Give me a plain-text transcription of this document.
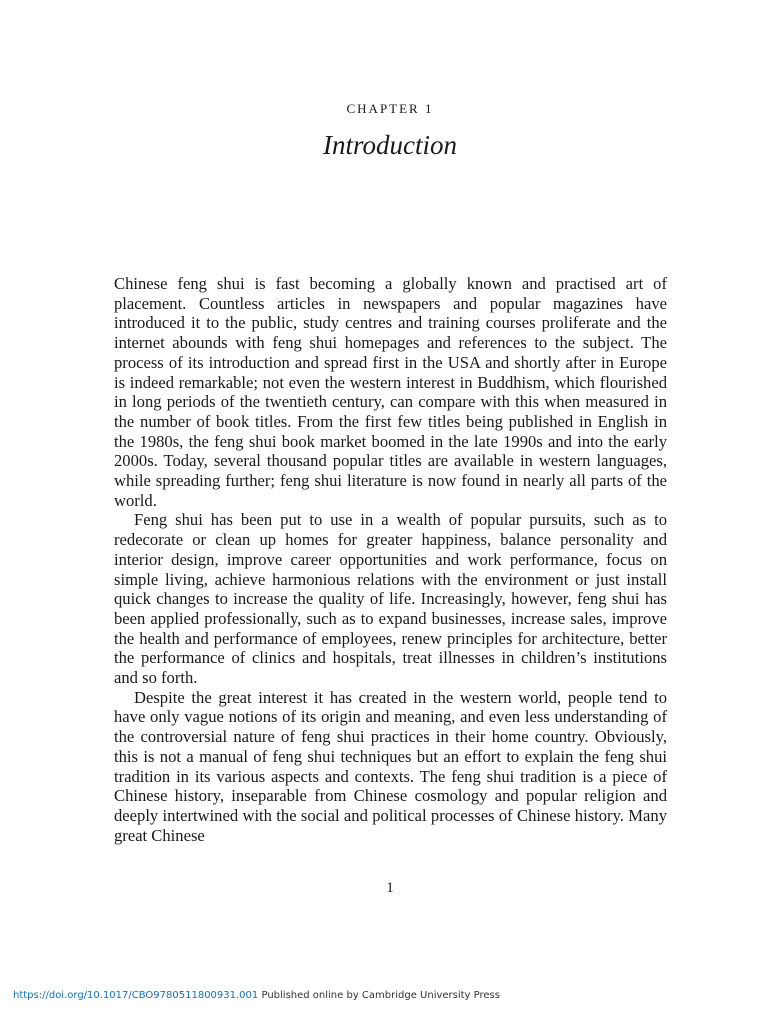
CHAPTER 1
Introduction

Chinese feng shui is fast becoming a globally known and practised art of placement. Countless articles in newspapers and popular magazines have introduced it to the public, study centres and training courses proliferate and the internet abounds with feng shui homepages and references to the subject. The process of its introduction and spread first in the USA and shortly after in Europe is indeed remarkable; not even the western interest in Buddhism, which flourished in long periods of the twentieth century, can compare with this when measured in the number of book titles. From the first few titles being published in English in the 1980s, the feng shui book market boomed in the late 1990s and into the early 2000s. Today, several thousand popular titles are available in western languages, while spreading further; feng shui literature is now found in nearly all parts of the world.

Feng shui has been put to use in a wealth of popular pursuits, such as to redecorate or clean up homes for greater happiness, balance personality and interior design, improve career opportunities and work performance, focus on simple living, achieve harmonious relations with the environment or just install quick changes to increase the quality of life. Increasingly, however, feng shui has been applied professionally, such as to expand businesses, increase sales, improve the health and performance of employees, renew principles for architecture, better the performance of clinics and hospitals, treat illnesses in children’s institutions and so forth.

Despite the great interest it has created in the western world, people tend to have only vague notions of its origin and meaning, and even less understanding of the controversial nature of feng shui practices in their home country. Obviously, this is not a manual of feng shui techniques but an effort to explain the feng shui tradition in its various aspects and contexts. The feng shui tradition is a piece of Chinese history, inseparable from Chinese cosmology and popular religion and deeply intertwined with the social and political processes of Chinese history. Many great Chinese

1
https://doi.org/10.1017/CBO9780511800931.001 Published online by Cambridge University Press
